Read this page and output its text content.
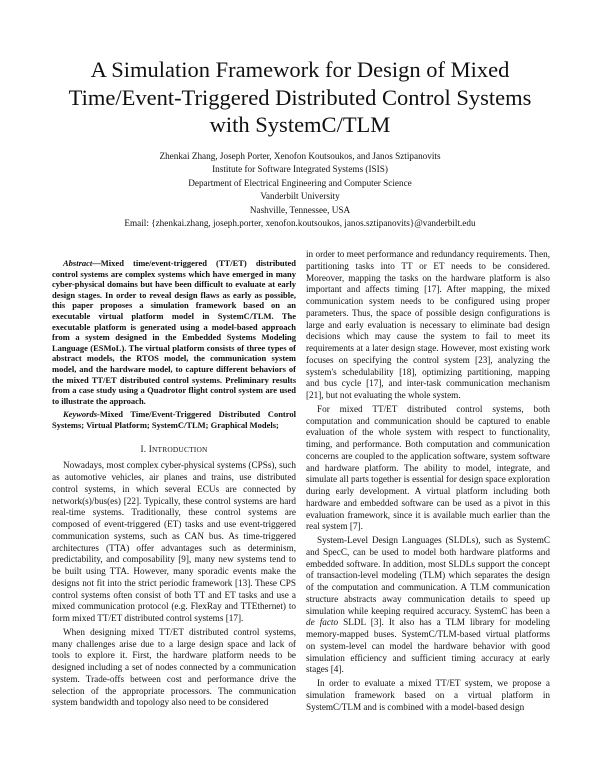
A Simulation Framework for Design of Mixed
Time/Event-Triggered Distributed Control Systems
with SystemC/TLM
Zhenkai Zhang, Joseph Porter, Xenofon Koutsoukos, and Janos Sztipanovits
Institute for Software Integrated Systems (ISIS)
Department of Electrical Engineering and Computer Science
Vanderbilt University
Nashville, Tennessee, USA
Email: {zhenkai.zhang, joseph.porter, xenofon.koutsoukos, janos.sztipanovits}@vanderbilt.edu

Abstract—Mixed time/event-triggered (TT/ET) distributed control systems are complex systems which have emerged in many cyber-physical domains but have been difficult to evaluate at early design stages. In order to reveal design flaws as early as possible, this paper proposes a simulation framework based on an executable virtual platform model in SystemC/TLM. The executable platform is generated using a model-based approach from a system designed in the Embedded Systems Modeling Language (ESMoL). The virtual platform consists of three types of abstract models, the RTOS model, the communication system model, and the hardware model, to capture different behaviors of the mixed TT/ET distributed control systems. Preliminary results from a case study using a Quadrotor flight control system are used to illustrate the approach.

Keywords-Mixed Time/Event-Triggered Distributed Control Systems; Virtual Platform; SystemC/TLM; Graphical Models;

I. INTRODUCTION

Nowadays, most complex cyber-physical systems (CPSs), such as automotive vehicles, air planes and trains, use distributed control systems, in which several ECUs are connected by network(s)/bus(es) [22]. Typically, these control systems are hard real-time systems. Traditionally, these control systems are composed of event-triggered (ET) tasks and use event-triggered communication systems, such as CAN bus. As time-triggered architectures (TTA) offer advantages such as determinism, predictability, and composability [9], many new systems tend to be built using TTA. However, many sporadic events make the designs not fit into the strict periodic framework [13]. These CPS control systems often consist of both TT and ET tasks and use a mixed communication protocol (e.g. FlexRay and TTEthernet) to form mixed TT/ET distributed control systems [17].

When designing mixed TT/ET distributed control systems, many challenges arise due to a large design space and lack of tools to explore it. First, the hardware platform needs to be designed including a set of nodes connected by a communication system. Trade-offs between cost and performance drive the selection of the appropriate processors. The communication system bandwidth and topology also need to be considered

in order to meet performance and redundancy requirements. Then, partitioning tasks into TT or ET needs to be considered. Moreover, mapping the tasks on the hardware platform is also important and affects timing [17]. After mapping, the mixed communication system needs to be configured using proper parameters. Thus, the space of possible design configurations is large and early evaluation is necessary to eliminate bad design decisions which may cause the system to fail to meet its requirements at a later design stage. However, most existing work focuses on specifying the control system [23], analyzing the system's schedulability [18], optimizing partitioning, mapping and bus cycle [17], and inter-task communication mechanism [21], but not evaluating the whole system.

For mixed TT/ET distributed control systems, both computation and communication should be captured to enable evaluation of the whole system with respect to functionality, timing, and performance. Both computation and communication concerns are coupled to the application software, system software and hardware platform. The ability to model, integrate, and simulate all parts together is essential for design space exploration during early development. A virtual platform including both hardware and embedded software can be used as a pivot in this evaluation framework, since it is available much earlier than the real system [7].

System-Level Design Languages (SLDLs), such as SystemC and SpecC, can be used to model both hardware platforms and embedded software. In addition, most SLDLs support the concept of transaction-level modeling (TLM) which separates the design of the computation and communication. A TLM communication structure abstracts away communication details to speed up simulation while keeping required accuracy. SystemC has been a de facto SLDL [3]. It also has a TLM library for modeling memory-mapped buses. SystemC/TLM-based virtual platforms on system-level can model the hardware behavior with good simulation efficiency and sufficient timing accuracy at early stages [4].

In order to evaluate a mixed TT/ET system, we propose a simulation framework based on a virtual platform in SystemC/TLM and is combined with a model-based design
